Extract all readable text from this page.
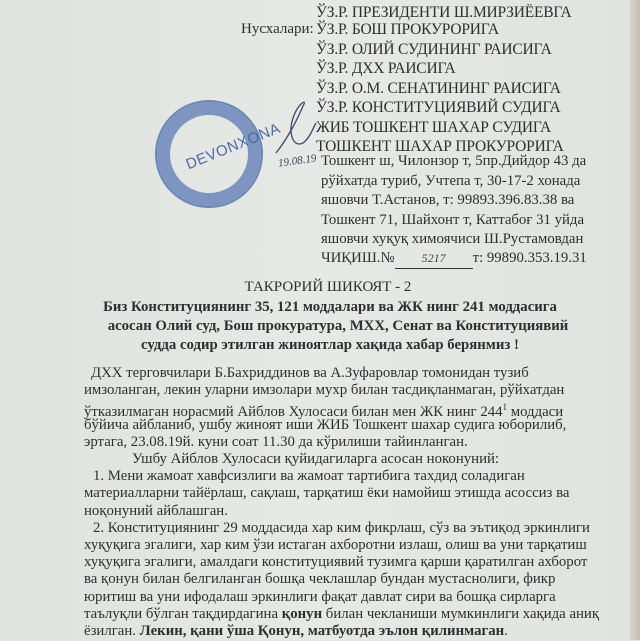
ЎЗ.Р. ПРЕЗИДЕНТИ Ш.МИРЗИЁЕВГА
Нусхалари: ЎЗ.Р. БОШ ПРОКУРОРИГА
ЎЗ.Р. ОЛИЙ СУДИНИНГ РАИСИГА
ЎЗ.Р. ДХХ РАИСИГА
ЎЗ.Р. О.М. СЕНАТИНИНГ РАИСИГА
ЎЗ.Р. КОНСТИТУЦИЯВИЙ СУДИГА
ЖИБ ТОШКЕНТ ШАХАР СУДИГА
ТОШКЕНТ ШАХАР ПРОКУРОРИГА
DEVONXONA
19.08.19 Тошкент ш, Чилонзор т, 5пр.Дийдор 43 да
рўйхатда туриб, Учтепа т, 30-17-2 хонада
яшовчи Т.Астанов, т: 99893.396.83.38 ва
Тошкент 71, Шайхонт т, Каттабоғ 31 уйда
яшовчи хуқуқ химоячиси Ш.Рустамовдан
ЧИҚИШ.№ 5217 т: 99890.353.19.31
ТАКРОРИЙ ШИКОЯТ - 2
Биз Конституциянинг 35, 121 моддалари ва ЖК нинг 241 моддасига
асосан Олий суд, Бош прокуратура, МХХ, Сенат ва Конституциявий
судда содир этилган жиноятлар хақида хабар берянмиз !
ДХХ терговчилари Б.Бахриддинов ва А.Зуфаровлар томонидан тузиб
имзоланган, лекин уларни имзолари мухр билан тасдиқланмаган, рўйхатдан
ўтказилмаган норасмий Айблов Хулосаси билан мен ЖК нинг $244^1$ моддаси
бўйича айбланиб, ушбу жиноят иши ЖИБ Тошкент шахар судига юборилиб,
эртага, 23.08.19й. куни соат 11.30 да кўрилиши тайинланган.
Ушбу Айблов Хулосаси қуйидагиларга асосан ноконуний:
1. Мени жамоат хавфсизлиги ва жамоат тартибига тахдид соладиган
материалларни тайёрлаш, сақлаш, тарқатиш ёки намойиш этишда асоссиз ва
ноқонуний айблашган.
2. Конституциянинг 29 моддасида хар ким фикрлаш, сўз ва эътиқод эркинлиги
хуқуқига эгалиги, хар ким ўзи истаган ахборотни излаш, олиш ва уни тарқатиш
хуқуқига эгалиги, амалдаги конституциявий тузимга қарши қаратилган ахборот
ва қонун билан белгиланган бошқа чеклашлар бундан мустаснолиги, фикр
юритиш ва уни ифодалаш эркинлиги фақат давлат сири ва бошқа сирларга
таълуқли бўлган тақдирдагина қонун билан чекланиши мумкинлиги хақида аниқ
ёзилган. Лекин, қани ўша Қонун, матбуотда эълон қилинмаган.
